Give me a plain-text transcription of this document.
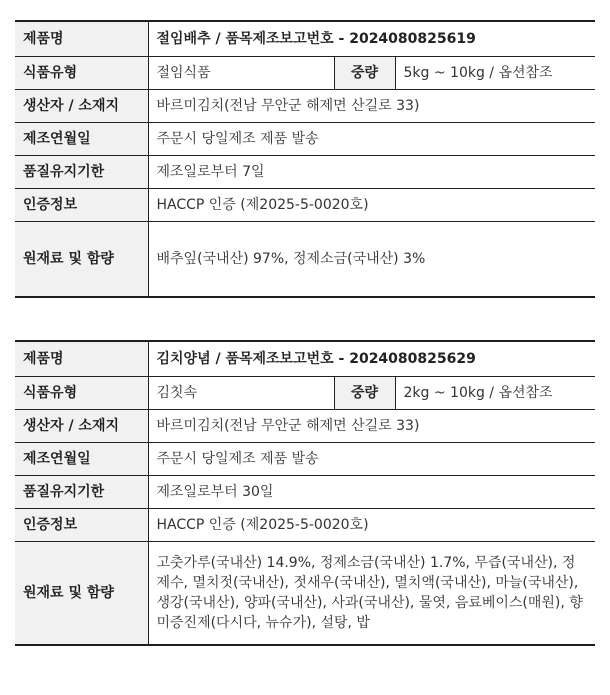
제품명	절임배추 / 품목제조보고번호 - 2024080825619		
식품유형	절임식품	중량	5kg ~ 10kg / 옵션참조
생산자 / 소재지	바르미김치(전남 무안군 해제면 산길로 33)		
제조연월일	주문시 당일제조 제품 발송		
품질유지기한	제조일로부터 7일		
인증정보	HACCP 인증 (제2025-5-0020호)		
원재료 및 함량	배추잎(국내산) 97%, 정제소금(국내산) 3%		
제품명	김치양념 / 품목제조보고번호 - 2024080825629		
식품유형	김칫속	중량	2kg ~ 10kg / 옵션참조
생산자 / 소재지	바르미김치(전남 무안군 해제면 산길로 33)		
제조연월일	주문시 당일제조 제품 발송		
품질유지기한	제조일로부터 30일		
인증정보	HACCP 인증 (제2025-5-0020호)		
원재료 및 함량	고춧가루(국내산) 14.9%, 정제소금(국내산) 1.7%, 무즙(국내산), 정제수, 멸치젓(국내산), 젓새우(국내산), 멸치액(국내산), 마늘(국내산), 생강(국내산), 양파(국내산), 사과(국내산), 물엿, 음료베이스(매원), 향미증진제(다시다, 뉴슈가), 설탕, 밥		
